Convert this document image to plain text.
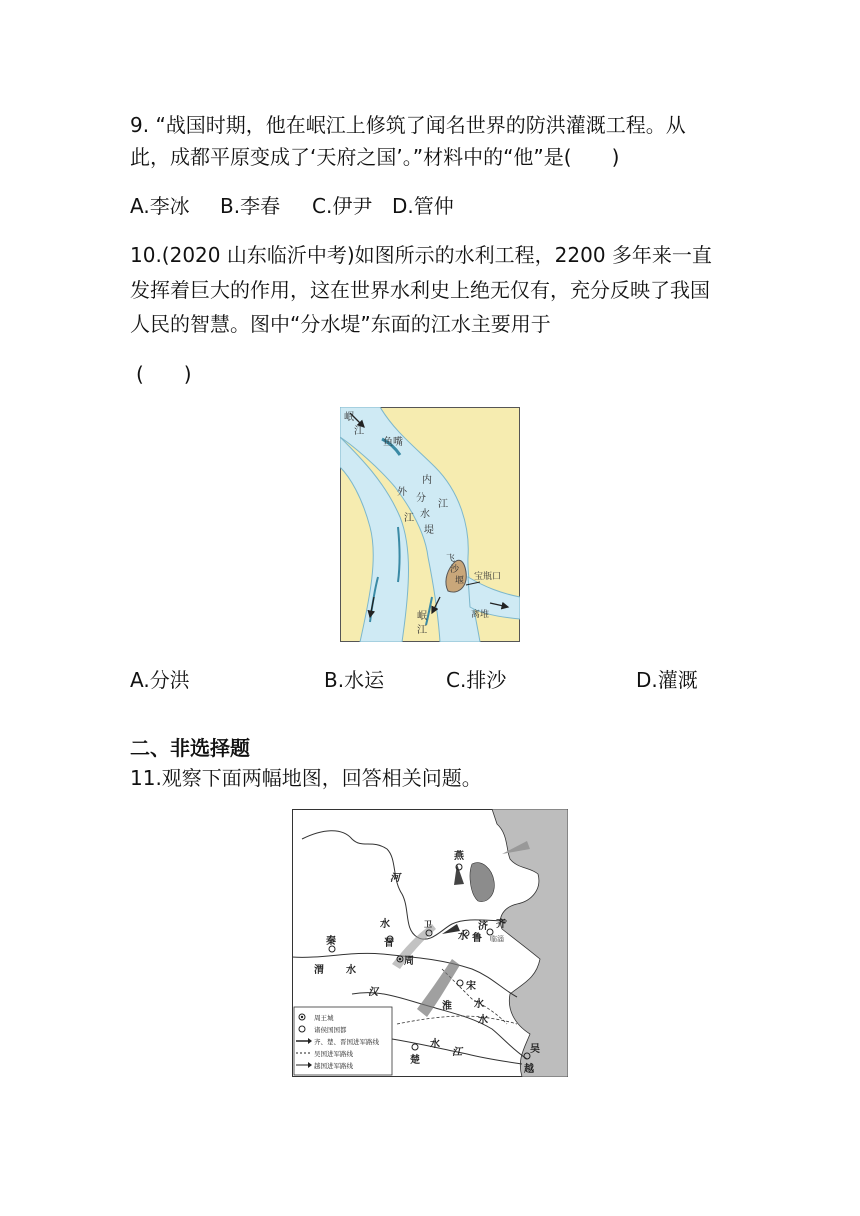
9. “战国时期，他在岷江上修筑了闻名世界的防洪灌溉工程。从
此，成都平原变成了‘天府之国’。”材料中的“他”是(　　)
A.李冰 B.李春 C.伊尹 D.管仲
10.(2020 山东临沂中考)如图所示的水利工程，2200 多年来一直
发挥着巨大的作用，这在世界水利史上绝无仅有，充分反映了我国
人民的智慧。图中“分水堤”东面的江水主要用于
(　　)
岷
江
鱼嘴
内
江
外
江
分
水
堤
飞
沙
堰 宝瓶口
离堆
岷
江
A.分洪	B.水运	C.排沙	D.灌溉
二、非选择题
11.观察下面两幅地图，回答相关问题。
燕
河
水
秦	晋
渭 水
周
卫	济 齐
临淄
鲁
宋
汉
淮 水
水
水
楚
江
水	吴
越
周王城
诸侯国国都
齐、楚、晋国进军路线
吴国进军路线
越国进军路线
